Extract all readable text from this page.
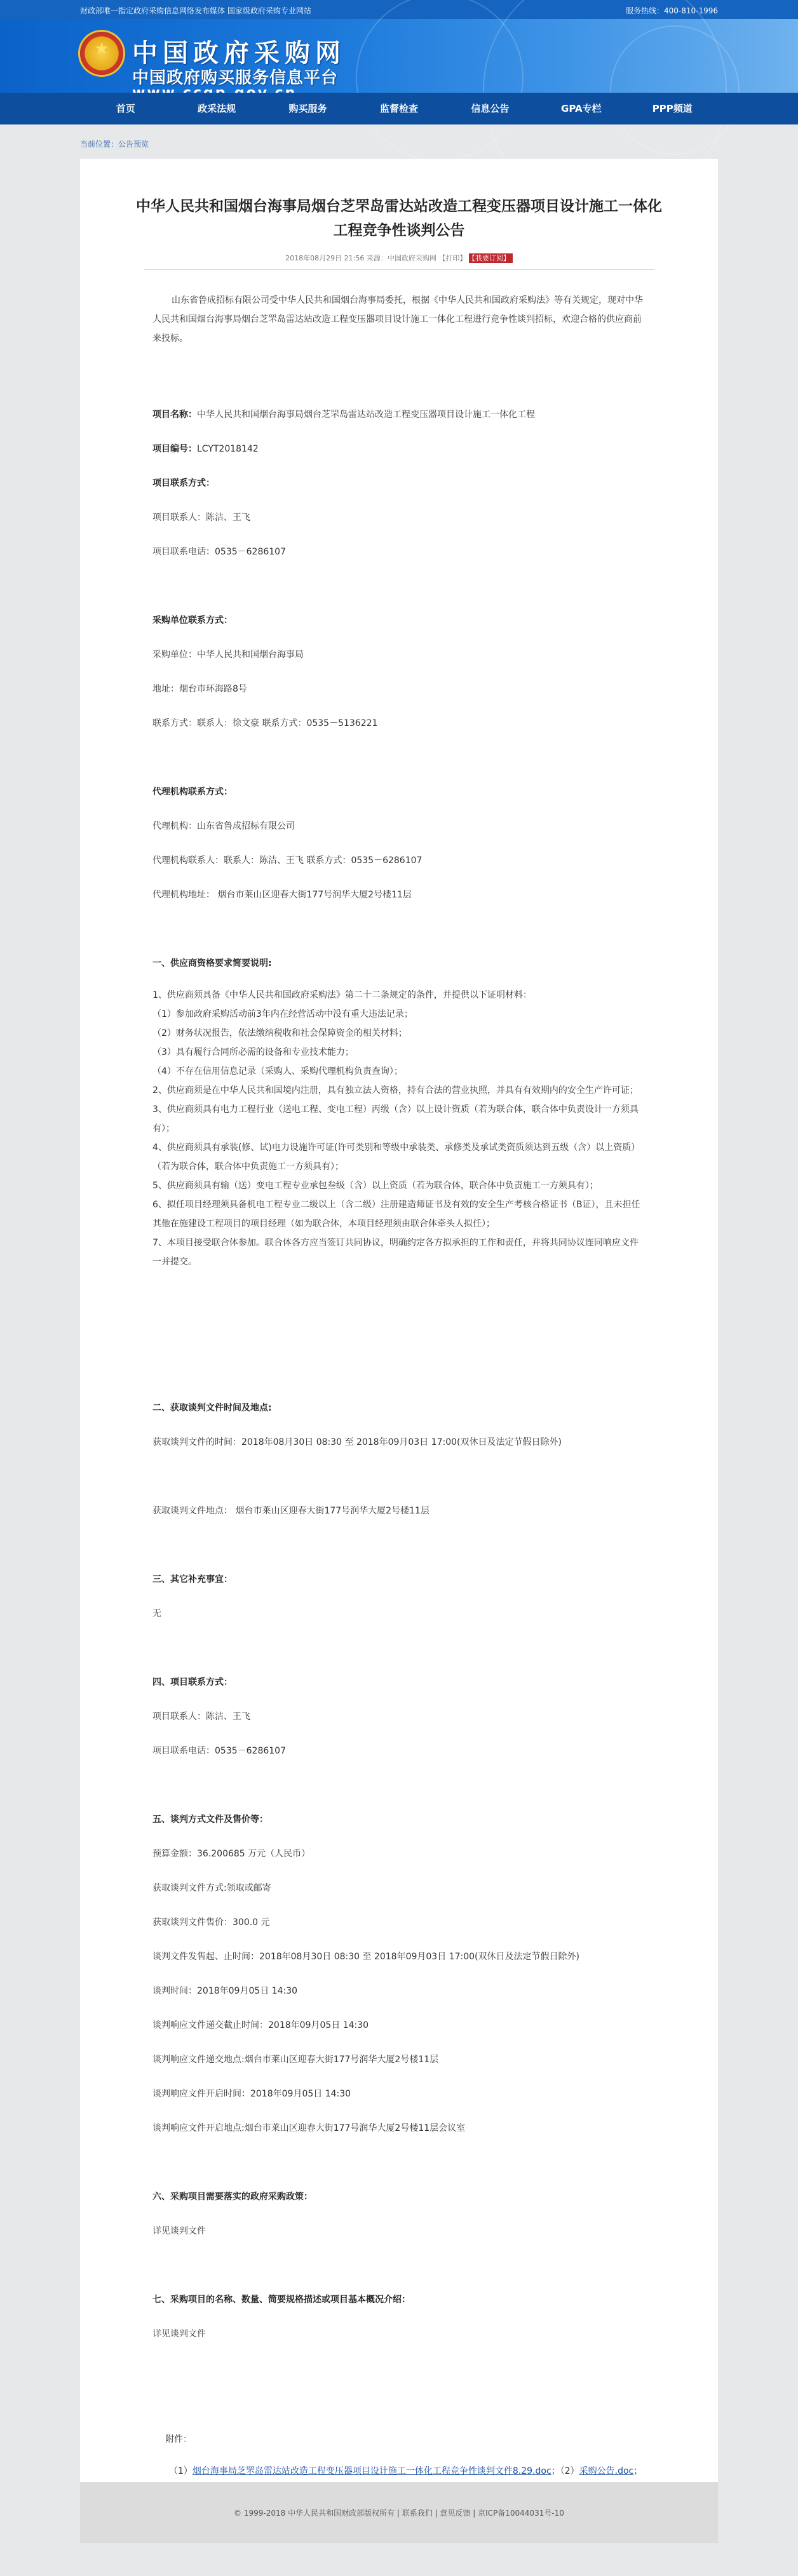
财政部唯一指定政府采购信息网络发布媒体 国家级政府采购专业网站	服务热线：400-810-1996
★ 中国政府采购网
中国政府购买服务信息平台
首页	政采法规	购买服务	监督检查	信息公告	GPA专栏	PPP频道
当前位置：公告预览
中华人民共和国烟台海事局烟台芝罘岛雷达站改造工程变压器项目设计施工一体化
工程竞争性谈判公告
2018年08月29日 21:56 来源：中国政府采购网 【打印】 【我要订阅】
山东省鲁成招标有限公司受中华人民共和国烟台海事局委托，根据《中华人民共和国政府采购法》等有关规定，现对中华人民共和国烟台海事局烟台芝罘岛雷达站改造工程变压器项目设计施工一体化工程进行竞争性谈判招标，欢迎合格的供应商前来投标。
项目名称：中华人民共和国烟台海事局烟台芝罘岛雷达站改造工程变压器项目设计施工一体化工程
项目编号：LCYT2018142
项目联系方式：
项目联系人：陈洁、王飞
项目联系电话：0535－6286107
采购单位联系方式：
采购单位：中华人民共和国烟台海事局
地址：烟台市环海路8号
联系方式：联系人：徐文豪 联系方式：0535－5136221
代理机构联系方式：
代理机构：山东省鲁成招标有限公司
代理机构联系人：联系人：陈洁、王飞 联系方式：0535－6286107
代理机构地址： 烟台市莱山区迎春大街177号润华大厦2号楼11层
一、供应商资格要求简要说明:
1、供应商须具备《中华人民共和国政府采购法》第二十二条规定的条件，并提供以下证明材料：
（1）参加政府采购活动前3年内在经营活动中没有重大违法记录；
（2）财务状况报告，依法缴纳税收和社会保障资金的相关材料；
（3）具有履行合同所必需的设备和专业技术能力；
（4）不存在信用信息记录（采购人、采购代理机构负责查询）；
2、供应商须是在中华人民共和国境内注册，具有独立法人资格，持有合法的营业执照，并具有有效期内的安全生产许可证；
3、供应商须具有电力工程行业（送电工程、变电工程）丙级（含）以上设计资质（若为联合体，联合体中负责设计一方须具有）；
4、供应商须具有承装(修、试)电力设施许可证(许可类别和等级中承装类、承修类及承试类资质须达到五级（含）以上资质）（若为联合体，联合体中负责施工一方须具有）；
5、供应商须具有输（送）变电工程专业承包叁级（含）以上资质（若为联合体，联合体中负责施工一方须具有）；
6、拟任项目经理须具备机电工程专业二级以上（含二级）注册建造师证书及有效的安全生产考核合格证书（B证），且未担任其他在施建设工程项目的项目经理（如为联合体，本项目经理须由联合体牵头人拟任）；
7、本项目接受联合体参加。联合体各方应当签订共同协议，明确约定各方拟承担的工作和责任，并将共同协议连同响应文件一并提交。
二、获取谈判文件时间及地点:
获取谈判文件的时间：2018年08月30日 08:30 至 2018年09月03日 17:00(双休日及法定节假日除外)
获取谈判文件地点： 烟台市莱山区迎春大街177号润华大厦2号楼11层
三、其它补充事宜：
无
四、项目联系方式：
项目联系人：陈洁、王飞
项目联系电话：0535－6286107
五、谈判方式文件及售价等：
预算金额：36.200685 万元（人民币）
获取谈判文件方式:领取或邮寄
获取谈判文件售价：300.0 元
谈判文件发售起、止时间：2018年08月30日 08:30 至 2018年09月03日 17:00(双休日及法定节假日除外)
谈判时间：2018年09月05日 14:30
谈判响应文件递交截止时间：2018年09月05日 14:30
谈判响应文件递交地点:烟台市莱山区迎春大街177号润华大厦2号楼11层
谈判响应文件开启时间：2018年09月05日 14:30
谈判响应文件开启地点:烟台市莱山区迎春大街177号润华大厦2号楼11层会议室
六、采购项目需要落实的政府采购政策：
详见谈判文件
七、采购项目的名称、数量、简要规格描述或项目基本概况介绍：
详见谈判文件
附件：
（1）烟台海事局芝罘岛雷达站改造工程变压器项目设计施工一体化工程竞争性谈判文件8.29.doc；（2）采购公告.doc；
© 1999-2018 中华人民共和国财政部版权所有 | 联系我们 | 意见反馈 | 京ICP备10044031号-10
